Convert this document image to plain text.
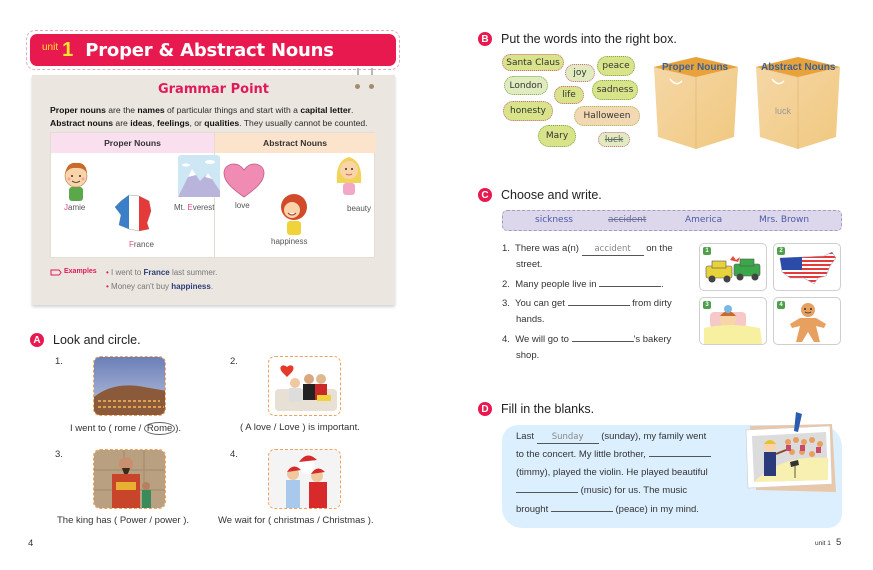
unit 1 Proper & Abstract Nouns
Grammar Point
Proper nouns are the names of particular things and start with a capital letter.
Abstract nouns are ideas, feelings, or qualities. They usually cannot be counted.
Proper Nouns	Abstract Nouns
Jamie
France
Mt. Everest	love
happiness
beauty
Examples • I went to France last summer.
• Money can't buy happiness.
A Look and circle.
1.
I went to ( rome / Rome ).
2.
( A love / Love ) is important.
3.
The king has ( Power / power ).
4.
We wait for ( christmas / Christmas ).
4
B Put the words into the right box.
Santa Claus
joy
peace
London
life	sadness
honesty	Halloween
Mary	luck
Proper Nouns	Abstract Nouns
luck
C Choose and write.
sickness	accident	America	Mrs. Brown
1. There was a(n) accident on the
street.
2. Many people live in	.
3. You can get	from dirty
hands.
4. We will go to	's bakery
shop.
1	2
3	4
D Fill in the blanks.
Last Sunday (sunday), my family went
to the concert. My little brother,
(timmy), played the violin. He played beautiful
(music) for us. The music
brought	(peace) in my mind.
unit 1 5
